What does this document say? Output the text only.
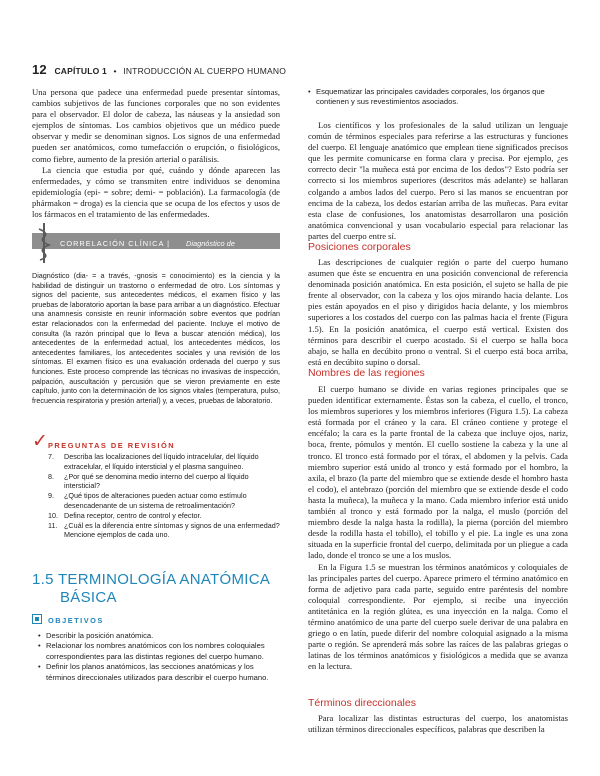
12 CAPÍTULO 1 • INTRODUCCIÓN AL CUERPO HUMANO

Una persona que padece una enfermedad puede presentar síntomas, cambios subjetivos de las funciones corporales que no son evidentes para el observador. El dolor de cabeza, las náuseas y la ansiedad son ejemplos de síntomas. Los cambios objetivos que un médico puede observar y medir se denominan signos. Los signos de una enfermedad pueden ser anatómicos, como tumefacción o erupción, o fisiológicos, como fiebre, aumento de la presión arterial o parálisis.

La ciencia que estudia por qué, cuándo y dónde aparecen las enfermedades, y cómo se transmiten entre individuos se denomina epidemiología (epi- = sobre; demi- = población). La farmacología (de phármakon = droga) es la ciencia que se ocupa de los efectos y usos de los fármacos en el tratamiento de las enfermedades.

CORRELACIÓN CLÍNICA | Diagnóstico de
enfermedad
Diagnóstico (dia- = a través, -gnosis = conocimiento) es la ciencia y la habilidad de distinguir un trastorno o enfermedad de otro. Los síntomas y signos del paciente, sus antecedentes médicos, el examen físico y las pruebas de laboratorio aportan la base para arribar a un diagnóstico. Efectuar una anamnesis consiste en reunir información sobre eventos que podrían estar relacionados con la enfermedad del paciente. Incluye el motivo de consulta (la razón principal que lo lleva a buscar atención médica), los antecedentes de la enfermedad actual, los antecedentes médicos, los antecedentes familiares, los antecedentes sociales y una revisión de los síntomas. El examen físico es una evaluación ordenada del cuerpo y sus funciones. Este proceso comprende las técnicas no invasivas de inspección, palpación, auscultación y percusión que se vieron previamente en este capítulo, junto con la determinación de los signos vitales (temperatura, pulso, frecuencia respiratoria y presión arterial) y, a veces, pruebas de laboratorio.
✓ PREGUNTAS DE REVISIÓN
7.	Describa las localizaciones del líquido intracelular, del líquido extracelular, el líquido intersticial y el plasma sanguíneo.
8.	¿Por qué se denomina medio interno del cuerpo al líquido intersticial?
9.	¿Qué tipos de alteraciones pueden actuar como estímulo desencadenante de un sistema de retroalimentación?
10. Defina receptor, centro de control y efector.
11. ¿Cuál es la diferencia entre síntomas y signos de una enfermedad? Mencione ejemplos de cada uno.
1.5 TERMINOLOGÍA ANATÓMICA
BÁSICA
OBJETIVOS
• Describir la posición anatómica.
• Relacionar los nombres anatómicos con los nombres coloquiales correspondientes para las distintas regiones del cuerpo humano.
• Definir los planos anatómicos, las secciones anatómicas y los términos direccionales utilizados para describir el cuerpo humano.
• Esquematizar las principales cavidades corporales, los órganos que contienen y sus revestimientos asociados.

Los científicos y los profesionales de la salud utilizan un lenguaje común de términos especiales para referirse a las estructuras y funciones del cuerpo. El lenguaje anatómico que emplean tiene significados precisos que les permite comunicarse en forma clara y precisa. Por ejemplo, ¿es correcto decir "la muñeca está por encima de los dedos"? Esto podría ser correcto si los miembros superiores (descritos más adelante) se hallaran colgando a ambos lados del cuerpo. Pero si las manos se encuentran por encima de la cabeza, los dedos estarían arriba de las muñecas. Para evitar esta clase de confusiones, los anatomistas desarrollaron una posición anatómica convencional y usan vocabulario especial para relacionar las partes del cuerpo entre sí.

Posiciones corporales

Las descripciones de cualquier región o parte del cuerpo humano asumen que éste se encuentra en una posición convencional de referencia denominada posición anatómica. En esta posición, el sujeto se halla de pie frente al observador, con la cabeza y los ojos mirando hacia delante. Los pies están apoyados en el piso y dirigidos hacia delante, y los miembros superiores a los costados del cuerpo con las palmas hacia el frente (Figura 1.5). En la posición anatómica, el cuerpo está vertical. Existen dos términos para describir el cuerpo acostado. Si el cuerpo se halla boca abajo, se halla en decúbito prono o ventral. Si el cuerpo está boca arriba, está en decúbito supino o dorsal.

Nombres de las regiones

El cuerpo humano se divide en varias regiones principales que se pueden identificar externamente. Éstas son la cabeza, el cuello, el tronco, los miembros superiores y los miembros inferiores (Figura 1.5). La cabeza está formada por el cráneo y la cara. El cráneo contiene y protege el encéfalo; la cara es la parte frontal de la cabeza que incluye ojos, nariz, boca, frente, pómulos y mentón. El cuello sostiene la cabeza y la une al tronco. El tronco está formado por el tórax, el abdomen y la pelvis. Cada miembro superior está unido al tronco y está formado por el hombro, la axila, el brazo (la parte del miembro que se extiende desde el hombro hasta el codo), el antebrazo (porción del miembro que se extiende desde el codo hasta la muñeca), la muñeca y la mano. Cada miembro inferior está unido también al tronco y está formado por la nalga, el muslo (porción del miembro desde la nalga hasta la rodilla), la pierna (porción del miembro desde la rodilla hasta el tobillo), el tobillo y el pie. La ingle es una zona situada en la superficie frontal del cuerpo, delimitada por un pliegue a cada lado, donde el tronco se une a los muslos.

En la Figura 1.5 se muestran los términos anatómicos y coloquiales de las principales partes del cuerpo. Aparece primero el término anatómico en forma de adjetivo para cada parte, seguido entre paréntesis del nombre coloquial correspondiente. Por ejemplo, si recibe una inyección antitetánica en la región glútea, es una inyección en la nalga. Como el término anatómico de una parte del cuerpo suele derivar de una palabra en griego o en latín, puede diferir del nombre coloquial asignado a la misma parte o región. Se aprenderá más sobre las raíces de las palabras griegas o latinas de los términos anatómicos y fisiológicos a medida que se avanza en la lectura.

Términos direccionales

Para localizar las distintas estructuras del cuerpo, los anatomistas utilizan términos direccionales específicos, palabras que describen la
